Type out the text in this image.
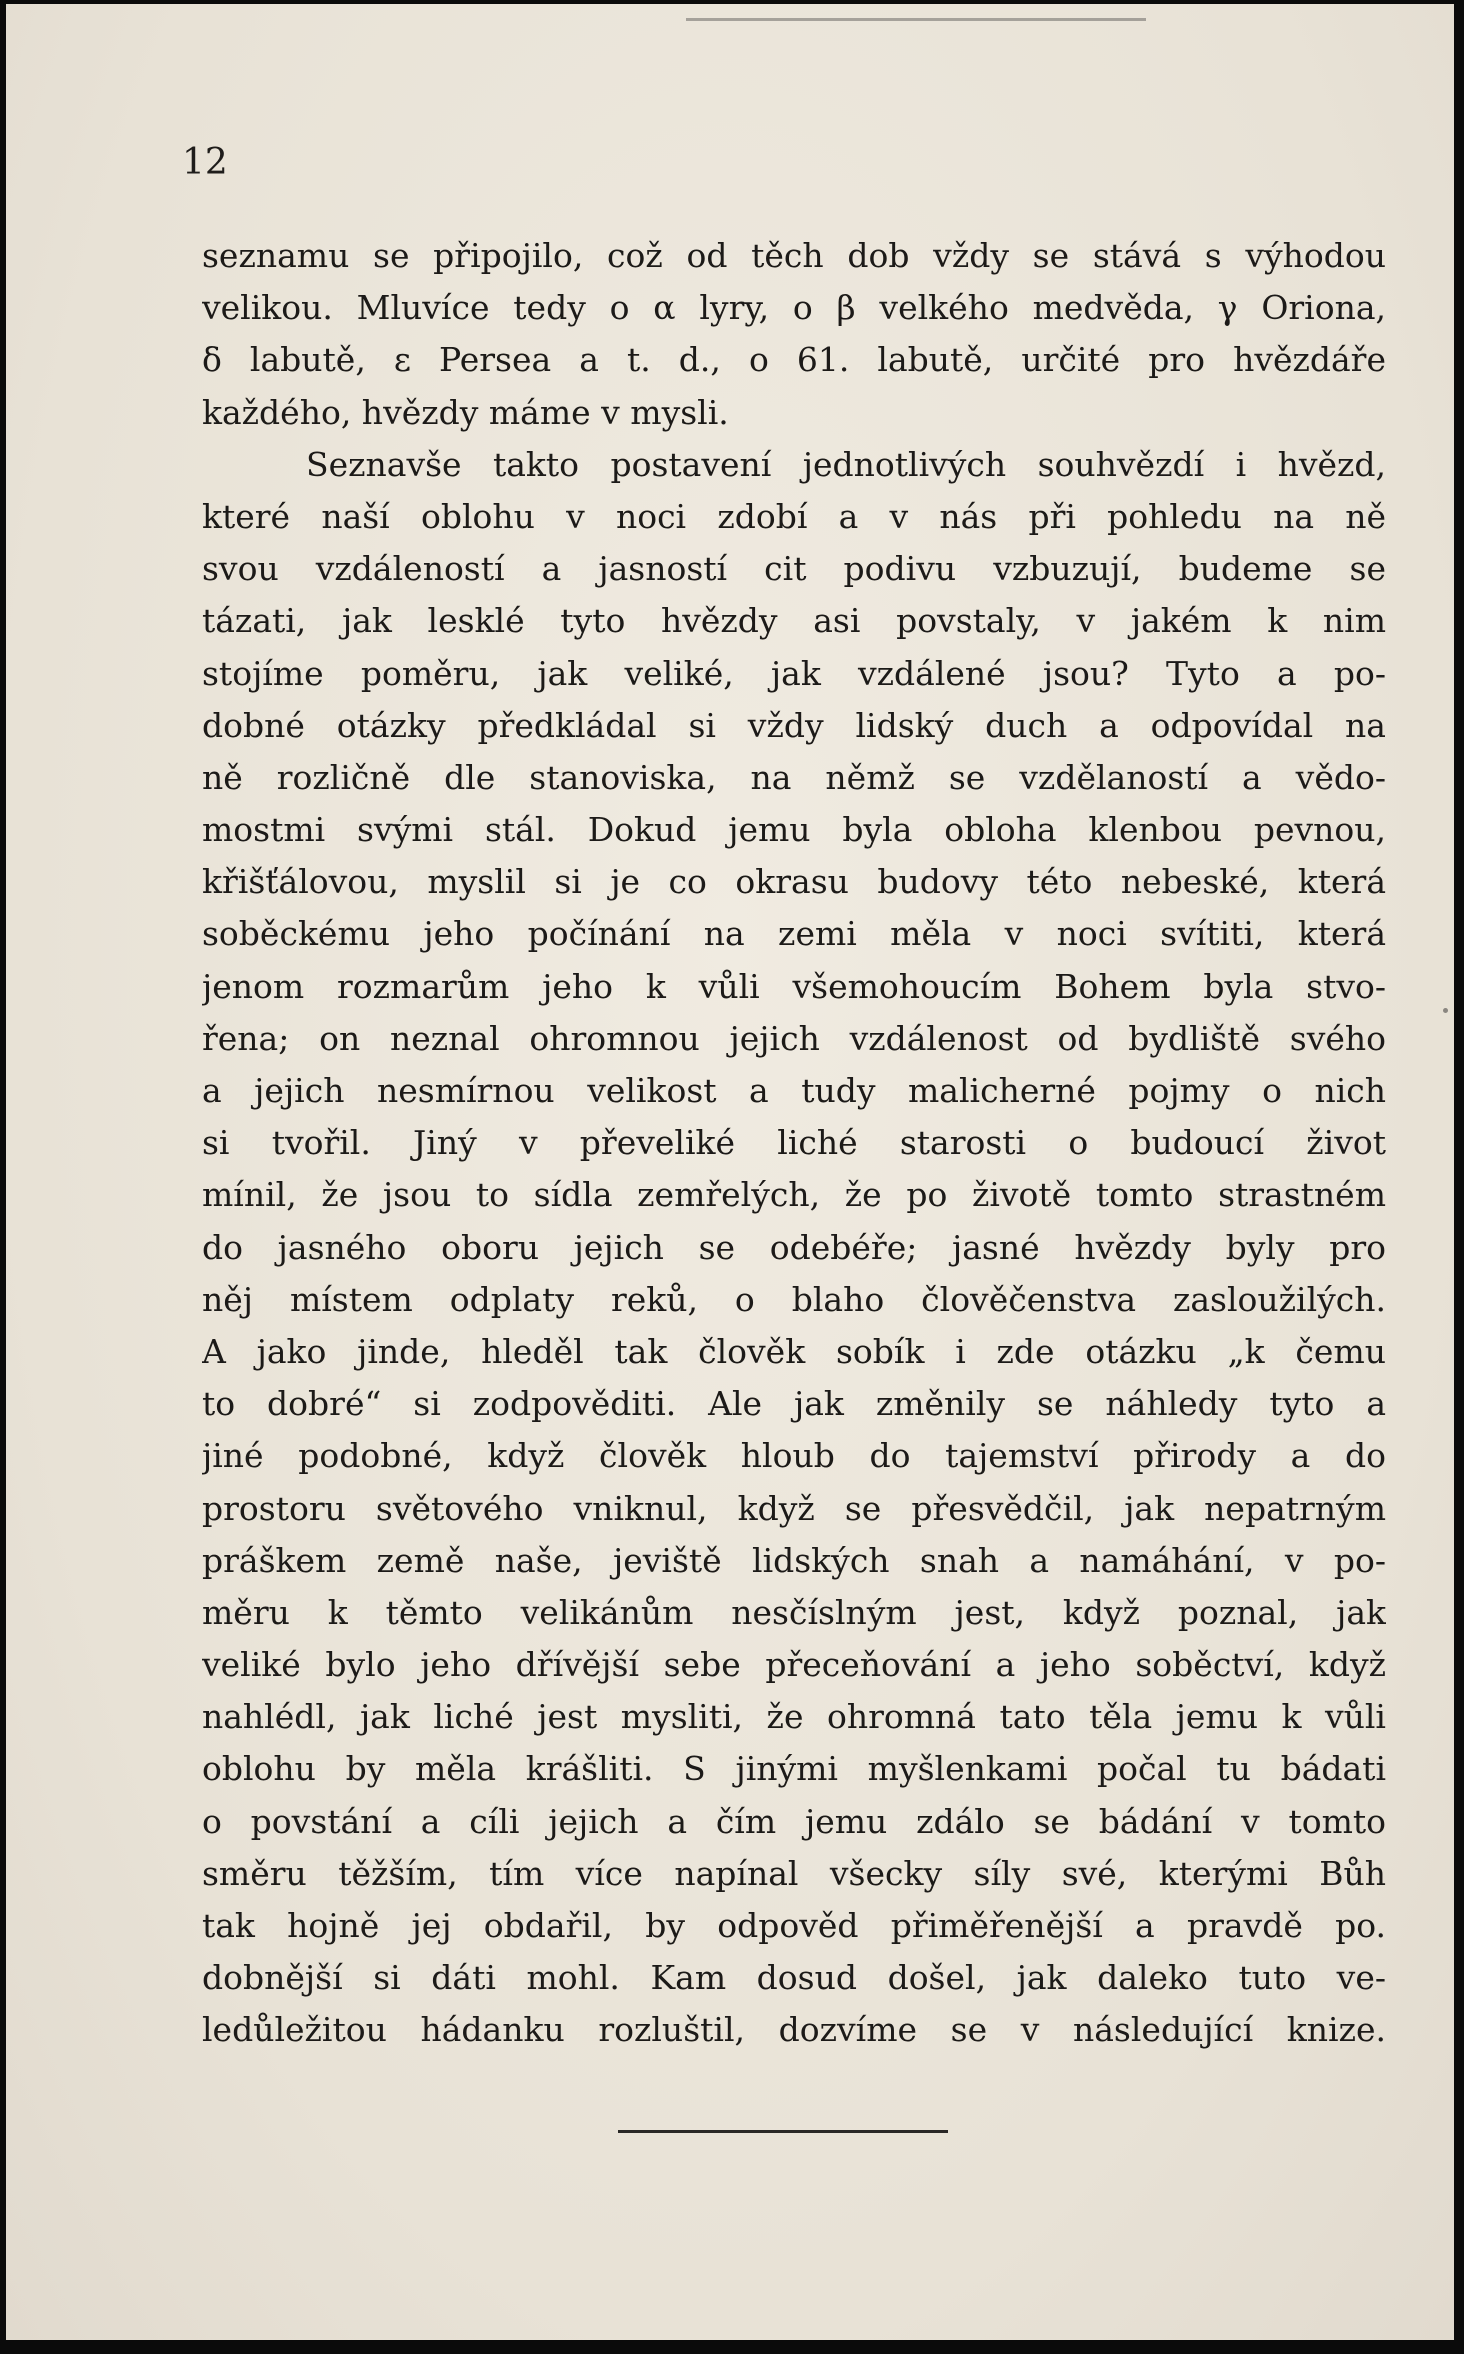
12
seznamu se připojilo, což od těch dob vždy se stává s výhodou
velikou. Mluvíce tedy o α lyry, o β velkého medvěda, γ Oriona,
δ labutě, ε Persea a t. d., o 61. labutě, určité pro hvězdáře
každého, hvězdy máme v mysli.
Seznavše takto postavení jednotlivých souhvězdí i hvězd,
které naší oblohu v noci zdobí a v nás při pohledu na ně
svou vzdáleností a jasností cit podivu vzbuzují, budeme se
tázati, jak lesklé tyto hvězdy asi povstaly, v jakém k nim
stojíme poměru, jak veliké, jak vzdálené jsou? Tyto a po-
dobné otázky předkládal si vždy lidský duch a odpovídal na
ně rozličně dle stanoviska, na němž se vzdělaností a vědo-
mostmi svými stál. Dokud jemu byla obloha klenbou pevnou,
křišťálovou, myslil si je co okrasu budovy této nebeské, která
soběckému jeho počínání na zemi měla v noci svítiti, která
jenom rozmarům jeho k vůli všemohoucím Bohem byla stvo-
řena; on neznal ohromnou jejich vzdálenost od bydliště svého
a jejich nesmírnou velikost a tudy malicherné pojmy o nich
si tvořil. Jiný v převeliké liché starosti o budoucí život
mínil, že jsou to sídla zemřelých, že po životě tomto strastném
do jasného oboru jejich se odebéře; jasné hvězdy byly pro
něj místem odplaty reků, o blaho člověčenstva zasloužilých.
A jako jinde, hleděl tak člověk sobík i zde otázku „k čemu
to dobré“ si zodpověditi. Ale jak změnily se náhledy tyto a
jiné podobné, když člověk hloub do tajemství přirody a do
prostoru světového vniknul, když se přesvědčil, jak nepatrným
práškem země naše, jeviště lidských snah a namáhání, v po-
měru k těmto velikánům nesčíslným jest, když poznal, jak
veliké bylo jeho dřívější sebe přeceňování a jeho soběctví, když
nahlédl, jak liché jest mysliti, že ohromná tato těla jemu k vůli
oblohu by měla krášliti. S jinými myšlenkami počal tu bádati
o povstání a cíli jejich a čím jemu zdálo se bádání v tomto
směru těžším, tím více napínal všecky síly své, kterými Bůh
tak hojně jej obdařil, by odpověd přiměřenější a pravdě po.
dobnější si dáti mohl. Kam dosud došel, jak daleko tuto ve-
ledůležitou hádanku rozluštil, dozvíme se v následující knize.
